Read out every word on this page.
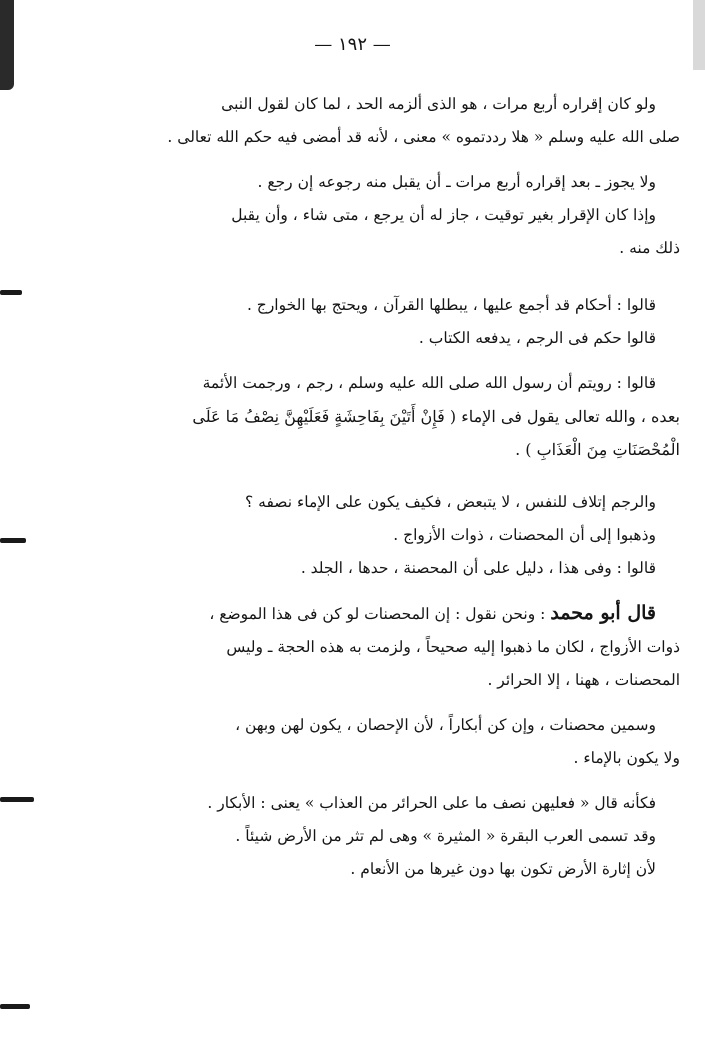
— ١٩٢ —
ولو كان إقراره أربع مرات ، هو الذى ألزمه الحد ، لما كان لقول النبى
صلى الله عليه وسلم « هلا رددتموه » معنى ، لأنه قد أمضى فيه حكم الله تعالى .
ولا يجوز ـ بعد إقراره أربع مرات ـ أن يقبل منه رجوعه إن رجع .
وإذا كان الإقرار بغير توقيت ، جاز له أن يرجع ، متى شاء ، وأن يقبل
ذلك منه .
قالوا : أحكام قد أجمع عليها ، يبطلها القرآن ، ويحتج بها الخوارج .
قالوا حكم فى الرجم ، يدفعه الكتاب .
قالوا : رويتم أن رسول الله صلى الله عليه وسلم ، رجم ، ورجمت الأئمة
بعده ، والله تعالى يقول فى الإماء ( فَإِنْ أَتَيْنَ بِفَاحِشَةٍ فَعَلَيْهِنَّ نِصْفُ مَا عَلَى
الْمُحْصَنَاتِ مِنَ الْعَذَابِ ) .
والرجم إتلاف للنفس ، لا يتبعض ، فكيف يكون على الإماء نصفه ؟
وذهبوا إلى أن المحصنات ، ذوات الأزواج .
قالوا : وفى هذا ، دليل على أن المحصنة ، حدها ، الجلد .
قال أبو محمد : ونحن نقول : إن المحصنات لو كن فى هذا الموضع ،
ذوات الأزواج ، لكان ما ذهبوا إليه صحيحاً ، ولزمت به هذه الحجة ـ وليس
المحصنات ، ههنا ، إلا الحرائر .
وسمين محصنات ، وإن كن أبكاراً ، لأن الإحصان ، يكون لهن وبهن ،
ولا يكون بالإماء .
فكأنه قال « فعليهن نصف ما على الحرائر من العذاب » يعنى : الأبكار .
وقد تسمى العرب البقرة « المثيرة » وهى لم تثر من الأرض شيئاً .
لأن إثارة الأرض تكون بها دون غيرها من الأنعام .
